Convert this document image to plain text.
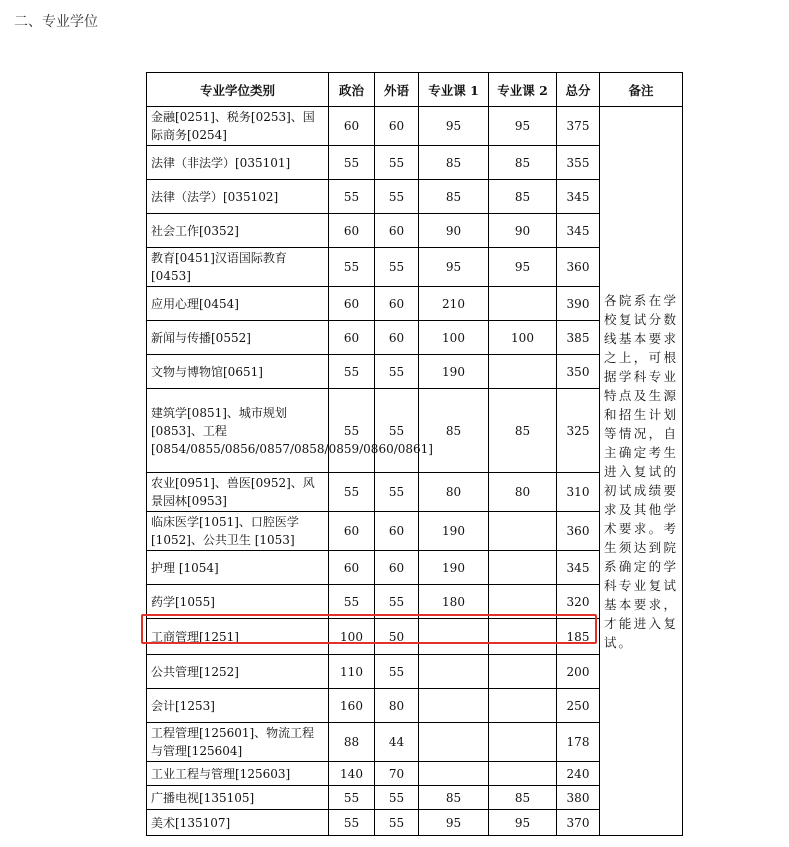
二、专业学位
专业学位类别	政治	外语	专业课 1	专业课 2	总分	备注
金融[0251]、税务[0253]、国际商务[0254]	60	60	95	95	375	各院系在学校复试分数线基本要求之上，可根据学科专业特点及生源和招生计划等情况，自主确定考生进入复试的初试成绩要求及其他学术要求。考生须达到院系确定的学科专业复试基本要求，才能进入复试。
法律（非法学）[035101]	55	55	85	85	355	
法律（法学）[035102]	55	55	85	85	345	
社会工作[0352]	60	60	90	90	345	
教育[0451]汉语国际教育[0453]	55	55	95	95	360	
应用心理[0454]	60	60	210		390	
新闻与传播[0552]	60	60	100	100	385	
文物与博物馆[0651]	55	55	190		350	
建筑学[0851]、城市规划[0853]、工程[0854/0855/0856/0857/0858/0859/0860/0861]	55	55	85	85	325	
农业[0951]、兽医[0952]、风景园林[0953]	55	55	80	80	310	
临床医学[1051]、口腔医学[1052]、公共卫生 [1053]	60	60	190		360	
护理 [1054]	60	60	190		345	
药学[1055]	55	55	180		320	
工商管理[1251]	100	50			185	
公共管理[1252]	110	55			200	
会计[1253]	160	80			250	
工程管理[125601]、物流工程与管理[125604]	88	44			178	
工业工程与管理[125603]	140	70			240	
广播电视[135105]	55	55	85	85	380	
美术[135107]	55	55	95	95	370	
